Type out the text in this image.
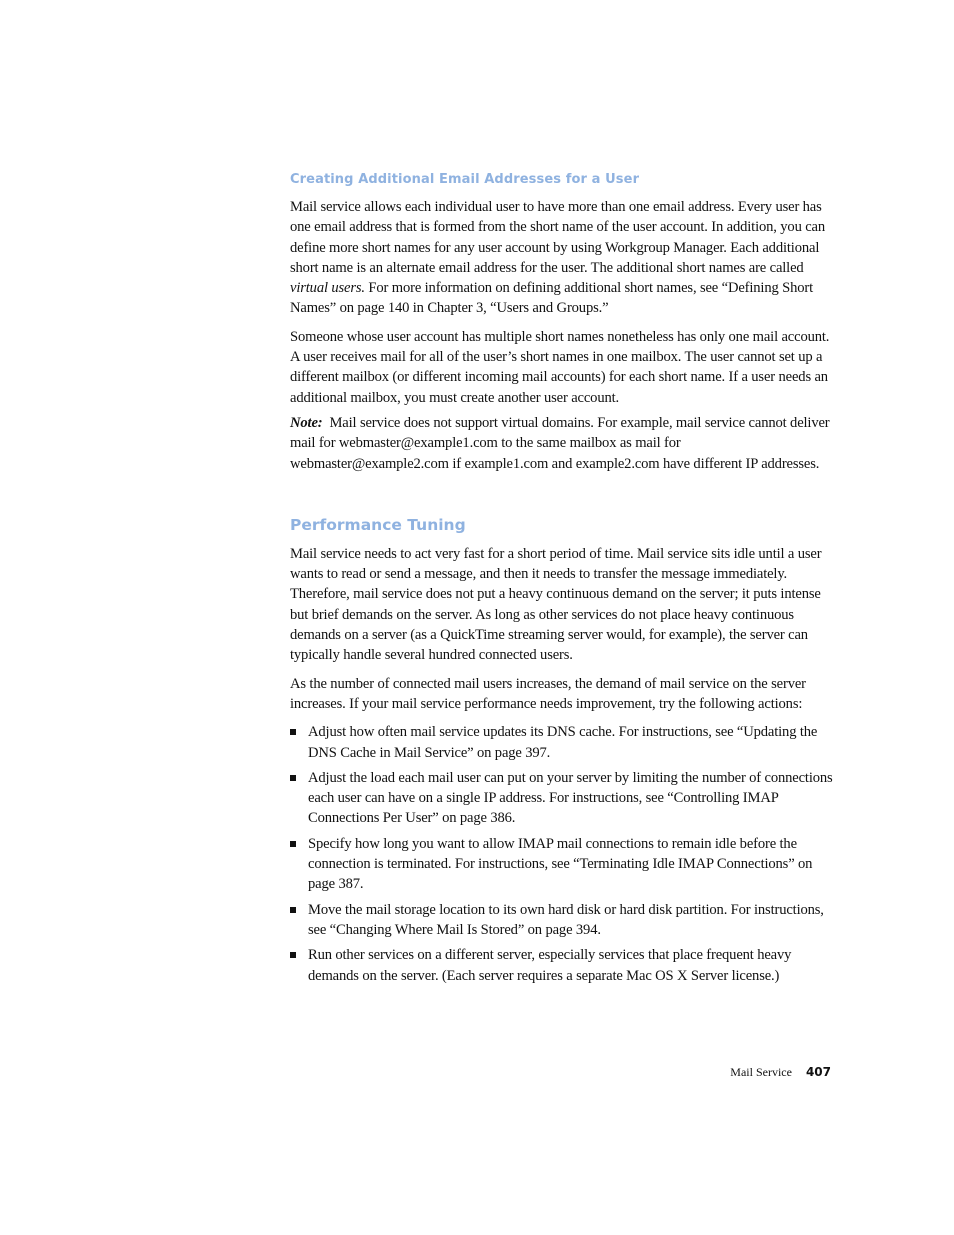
Creating Additional Email Addresses for a User

Mail service allows each individual user to have more than one email address. Every user has one email address that is formed from the short name of the user account. In addition, you can define more short names for any user account by using Workgroup Manager. Each additional short name is an alternate email address for the user. The additional short names are called virtual users. For more information on defining additional short names, see “Defining Short Names” on page 140 in Chapter 3, “Users and Groups.”

Someone whose user account has multiple short names nonetheless has only one mail account. A user receives mail for all of the user’s short names in one mailbox. The user cannot set up a different mailbox (or different incoming mail accounts) for each short name. If a user needs an additional mailbox, you must create another user account.

Note: Mail service does not support virtual domains. For example, mail service cannot deliver mail for webmaster@example1.com to the same mailbox as mail for webmaster@example2.com if example1.com and example2.com have different IP addresses.

Performance Tuning

Mail service needs to act very fast for a short period of time. Mail service sits idle until a user wants to read or send a message, and then it needs to transfer the message immediately. Therefore, mail service does not put a heavy continuous demand on the server; it puts intense but brief demands on the server. As long as other services do not place heavy continuous demands on a server (as a QuickTime streaming server would, for example), the server can typically handle several hundred connected users.

As the number of connected mail users increases, the demand of mail service on the server increases. If your mail service performance needs improvement, try the following actions:

Adjust how often mail service updates its DNS cache. For instructions, see “Updating the DNS Cache in Mail Service” on page 397.
Adjust the load each mail user can put on your server by limiting the number of connections each user can have on a single IP address. For instructions, see “Controlling IMAP Connections Per User” on page 386.
Specify how long you want to allow IMAP mail connections to remain idle before the connection is terminated. For instructions, see “Terminating Idle IMAP Connections” on page 387.
Move the mail storage location to its own hard disk or hard disk partition. For instructions, see “Changing Where Mail Is Stored” on page 394.
Run other services on a different server, especially services that place frequent heavy demands on the server. (Each server requires a separate Mac OS X Server license.)
Mail Service 407
